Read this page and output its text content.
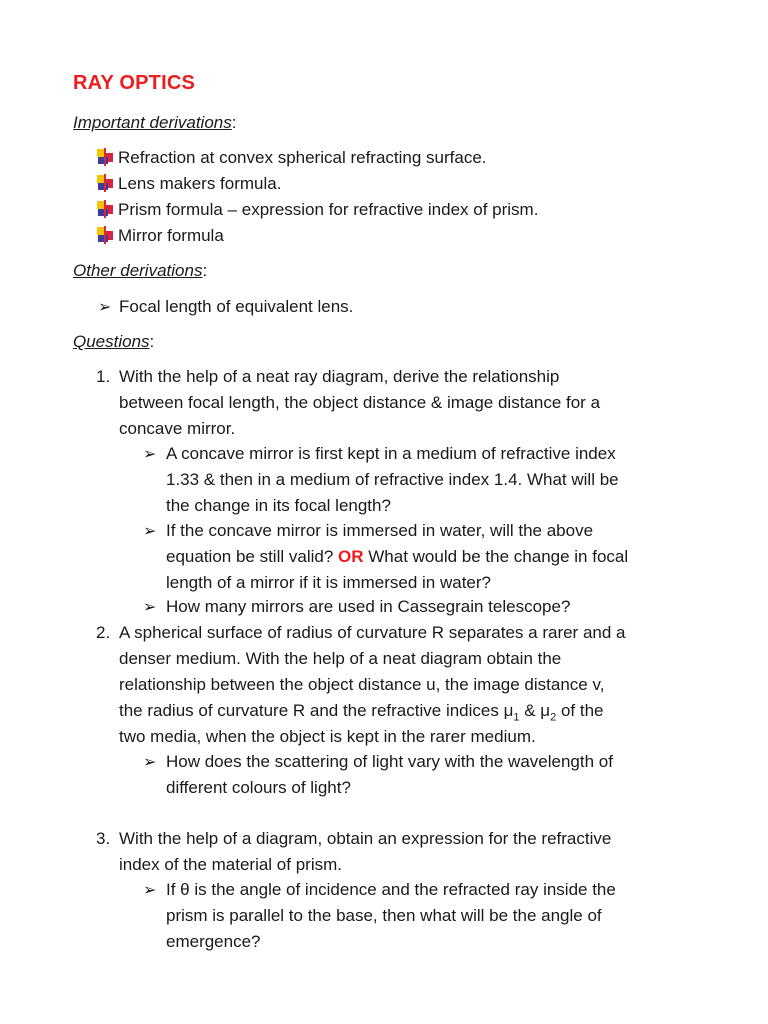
RAY OPTICS
Important derivations:
Refraction at convex spherical refracting surface.
Lens makers formula.
Prism formula – expression for refractive index of prism.
Mirror formula
Other derivations:
➢ Focal length of equivalent lens.
Questions:
1. With the help of a neat ray diagram, derive the relationship
between focal length, the object distance & image distance for a
concave mirror.
➢ A concave mirror is first kept in a medium of refractive index
1.33 & then in a medium of refractive index 1.4. What will be
the change in its focal length?
➢ If the concave mirror is immersed in water, will the above
equation be still valid? OR What would be the change in focal
length of a mirror if it is immersed in water?
➢ How many mirrors are used in Cassegrain telescope?
2. A spherical surface of radius of curvature R separates a rarer and a
denser medium. With the help of a neat diagram obtain the
relationship between the object distance u, the image distance v,
the radius of curvature R and the refractive indices $\mu_1$ & $\mu_2$ of the
two media, when the object is kept in the rarer medium.
➢ How does the scattering of light vary with the wavelength of
different colours of light?
3. With the help of a diagram, obtain an expression for the refractive
index of the material of prism.
➢ If θ is the angle of incidence and the refracted ray inside the
prism is parallel to the base, then what will be the angle of
emergence?
